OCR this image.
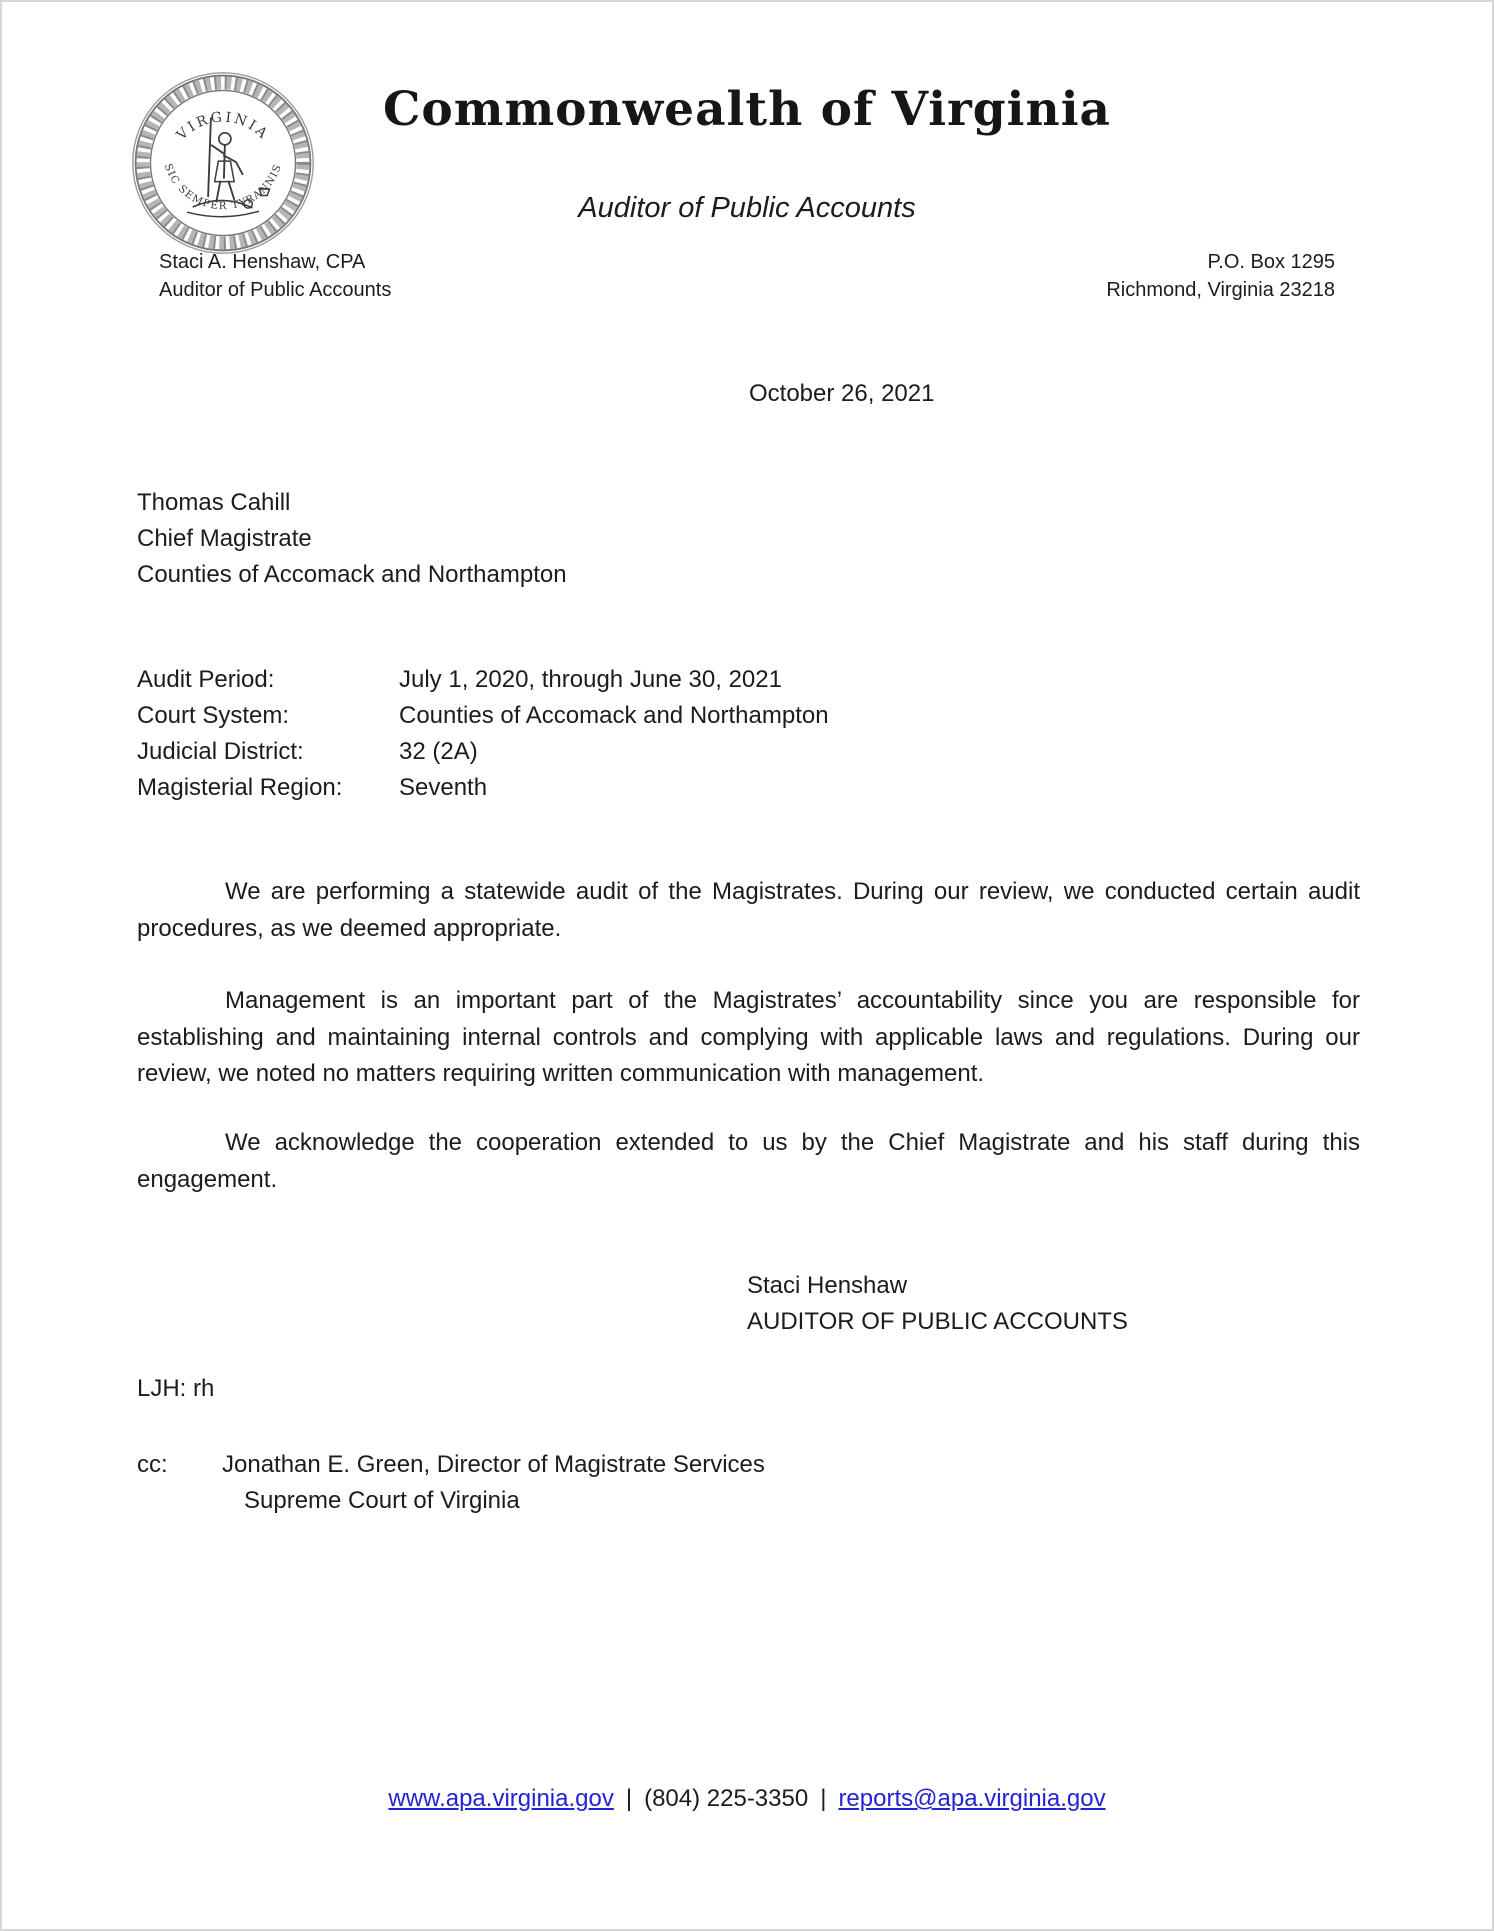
VIRGINIA
SIC SEMPER TYRANNIS
Commonwealth of Virginia
Auditor of Public Accounts
Staci A. Henshaw, CPA
Auditor of Public Accounts
P.O. Box 1295
Richmond, Virginia 23218
October 26, 2021
Thomas Cahill
Chief Magistrate
Counties of Accomack and Northampton
Audit Period:	July 1, 2020, through June 30, 2021
Court System:	Counties of Accomack and Northampton
Judicial District:	32 (2A)
Magisterial Region:	Seventh
We are performing a statewide audit of the Magistrates. During our review, we conducted certain audit procedures, as we deemed appropriate.
Management is an important part of the Magistrates’ accountability since you are responsible for establishing and maintaining internal controls and complying with applicable laws and regulations. During our review, we noted no matters requiring written communication with management.
We acknowledge the cooperation extended to us by the Chief Magistrate and his staff during this engagement.
Staci Henshaw
AUDITOR OF PUBLIC ACCOUNTS
LJH: rh
cc:	Jonathan E. Green, Director of Magistrate Services
Supreme Court of Virginia
www.apa.virginia.gov | (804) 225-3350 | reports@apa.virginia.gov
